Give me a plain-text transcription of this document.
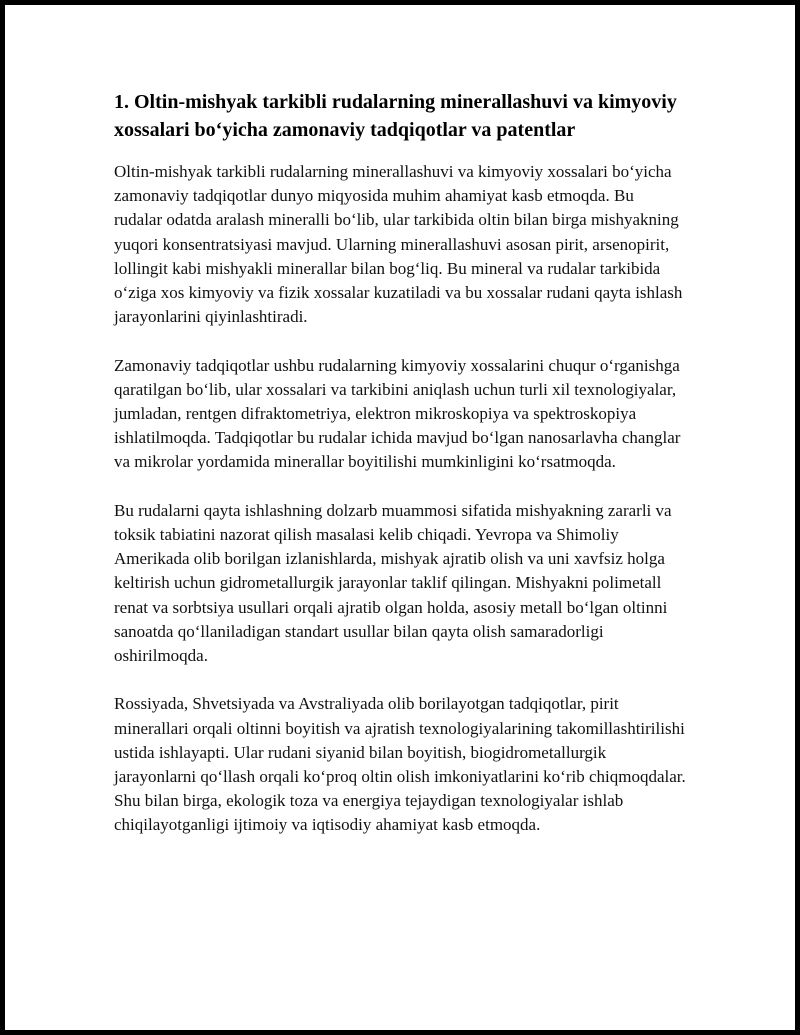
1. Oltin-mishyak tarkibli rudalarning minerallashuvi va kimyoviy xossalari bo‘yicha zamonaviy tadqiqotlar va patentlar

Oltin-mishyak tarkibli rudalarning minerallashuvi va kimyoviy xossalari bo‘yicha zamonaviy tadqiqotlar dunyo miqyosida muhim ahamiyat kasb etmoqda. Bu rudalar odatda aralash mineralli bo‘lib, ular tarkibida oltin bilan birga mishyakning yuqori konsentratsiyasi mavjud. Ularning minerallashuvi asosan pirit, arsenopirit, lollingit kabi mishyakli minerallar bilan bog‘liq. Bu mineral va rudalar tarkibida o‘ziga xos kimyoviy va fizik xossalar kuzatiladi va bu xossalar rudani qayta ishlash jarayonlarini qiyinlashtiradi.

Zamonaviy tadqiqotlar ushbu rudalarning kimyoviy xossalarini chuqur o‘rganishga qaratilgan bo‘lib, ular xossalari va tarkibini aniqlash uchun turli xil texnologiyalar, jumladan, rentgen difraktometriya, elektron mikroskopiya va spektroskopiya ishlatilmoqda. Tadqiqotlar bu rudalar ichida mavjud bo‘lgan nanosarlavha changlar va mikrolar yordamida minerallar boyitilishi mumkinligini ko‘rsatmoqda.

Bu rudalarni qayta ishlashning dolzarb muammosi sifatida mishyakning zararli va toksik tabiatini nazorat qilish masalasi kelib chiqadi. Yevropa va Shimoliy Amerikada olib borilgan izlanishlarda, mishyak ajratib olish va uni xavfsiz holga keltirish uchun gidrometallurgik jarayonlar taklif qilingan. Mishyakni polimetall renat va sorbtsiya usullari orqali ajratib olgan holda, asosiy metall bo‘lgan oltinni sanoatda qo‘llaniladigan standart usullar bilan qayta olish samaradorligi oshirilmoqda.

Rossiyada, Shvetsiyada va Avstraliyada olib borilayotgan tadqiqotlar, pirit minerallari orqali oltinni boyitish va ajratish texnologiyalarining takomillashtirilishi ustida ishlayapti. Ular rudani siyanid bilan boyitish, biogidrometallurgik jarayonlarni qo‘llash orqali ko‘proq oltin olish imkoniyatlarini ko‘rib chiqmoqdalar. Shu bilan birga, ekologik toza va energiya tejaydigan texnologiyalar ishlab chiqilayotganligi ijtimoiy va iqtisodiy ahamiyat kasb etmoqda.
